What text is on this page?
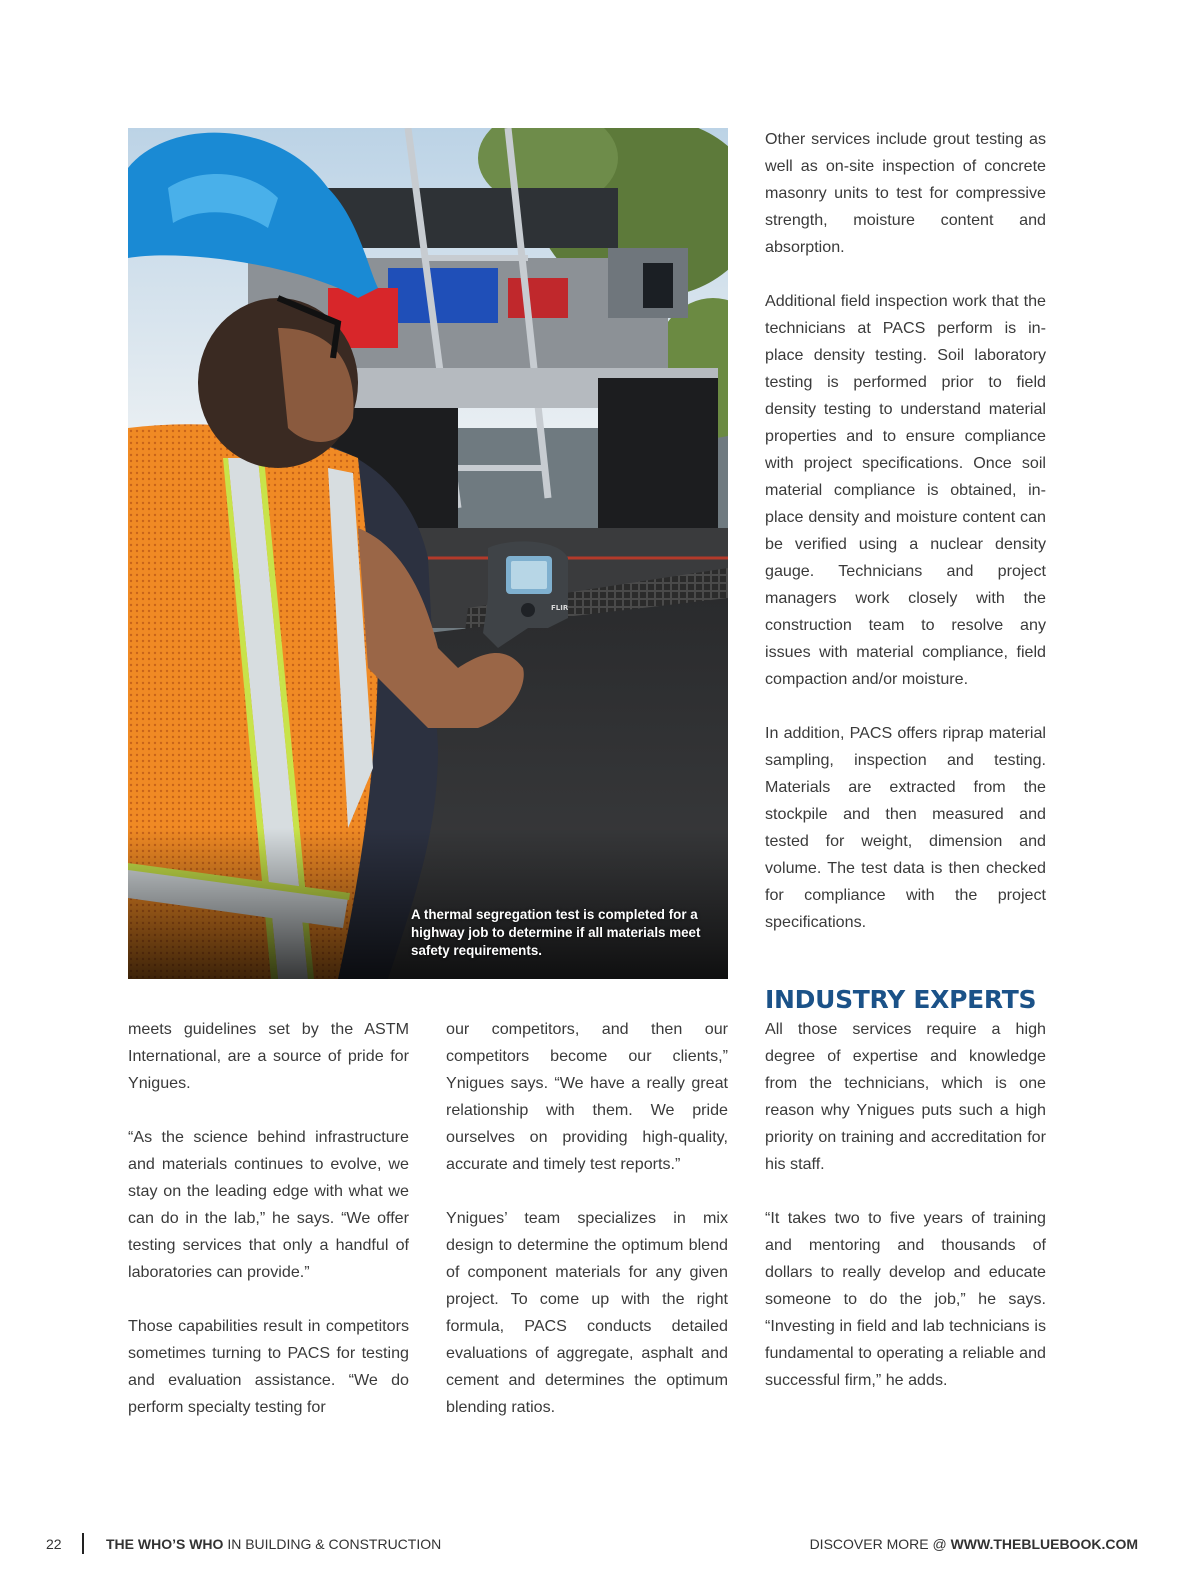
FLIR
A thermal segregation test is completed for a highway job to determine if all materials meet safety requirements.

Other services include grout testing as well as on-site inspection of concrete masonry units to test for compressive strength, moisture content and absorption.

Additional field inspection work that the technicians at PACS perform is in-place density testing. Soil laboratory testing is performed prior to field density testing to understand material properties and to ensure compliance with project specifications. Once soil material compliance is obtained, in-place density and moisture content can be verified using a nuclear density gauge. Technicians and project managers work closely with the construction team to resolve any issues with material compliance, field compaction and/or moisture.

In addition, PACS offers riprap material sampling, inspection and testing. Materials are extracted from the stockpile and then measured and tested for weight, dimension and volume. The test data is then checked for compliance with the project specifications.

INDUSTRY EXPERTS

meets guidelines set by the ASTM International, are a source of pride for Ynigues.

“As the science behind infrastructure and materials continues to evolve, we stay on the leading edge with what we can do in the lab,” he says. “We offer testing services that only a handful of laboratories can provide.”

Those capabilities result in competitors sometimes turning to PACS for testing and evaluation assistance. “We do perform specialty testing for

our competitors, and then our competitors become our clients,” Ynigues says. “We have a really great relationship with them. We pride ourselves on providing high-quality, accurate and timely test reports.”

Ynigues’ team specializes in mix design to determine the optimum blend of component materials for any given project. To come up with the right formula, PACS conducts detailed evaluations of aggregate, asphalt and cement and determines the optimum blending ratios.

All those services require a high degree of expertise and knowledge from the technicians, which is one reason why Ynigues puts such a high priority on training and accreditation for his staff.

“It takes two to five years of training and mentoring and thousands of dollars to really develop and educate someone to do the job,” he says. “Investing in field and lab technicians is fundamental to operating a reliable and successful firm,” he adds.

22	THE WHO’S WHO IN BUILDING & CONSTRUCTION	DISCOVER MORE @ WWW.THEBLUEBOOK.COM
